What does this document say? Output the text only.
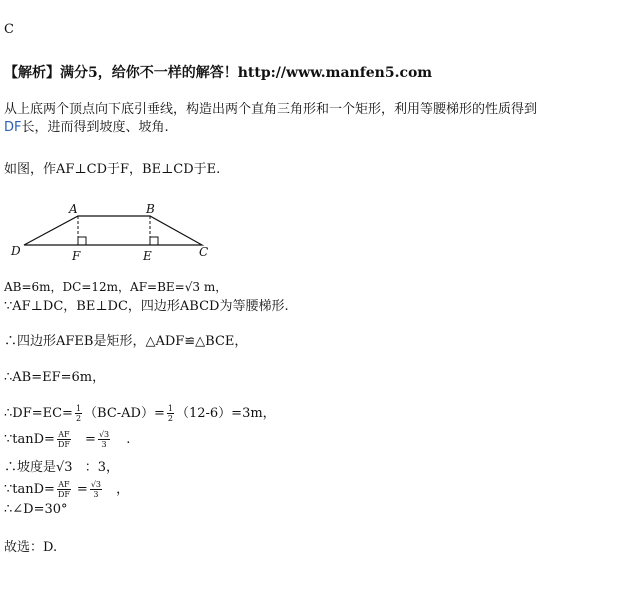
C
【解析】满分5，给你不一样的解答！http://www.manfen5.com
从上底两个顶点向下底引垂线，构造出两个直角三角形和一个矩形，利用等腰梯形的性质得到
DF长，进而得到坡度、坡角.
如图，作AF⊥CD于F，BE⊥CD于E.
A	B
D	C
F	E
AB=6m，DC=12m，AF=BE=√3 m，
∵AF⊥DC，BE⊥DC，四边形ABCD为等腰梯形.
∴四边形AFEB是矩形，△ADF≌△BCE，
∴AB=EF=6m，
∴DF=EC= $\frac{1}{2} (BC-AD)= \frac{1}{2} (12-6)=3m$，
∵tanD= $\frac{AF}{DF} = \frac{√3}{3}$ .
∴坡度是√3 ：3，
∵tanD= $\frac{AF}{DF} = \frac{√3}{3}$ ，
∴∠D=30°
故选：D.
